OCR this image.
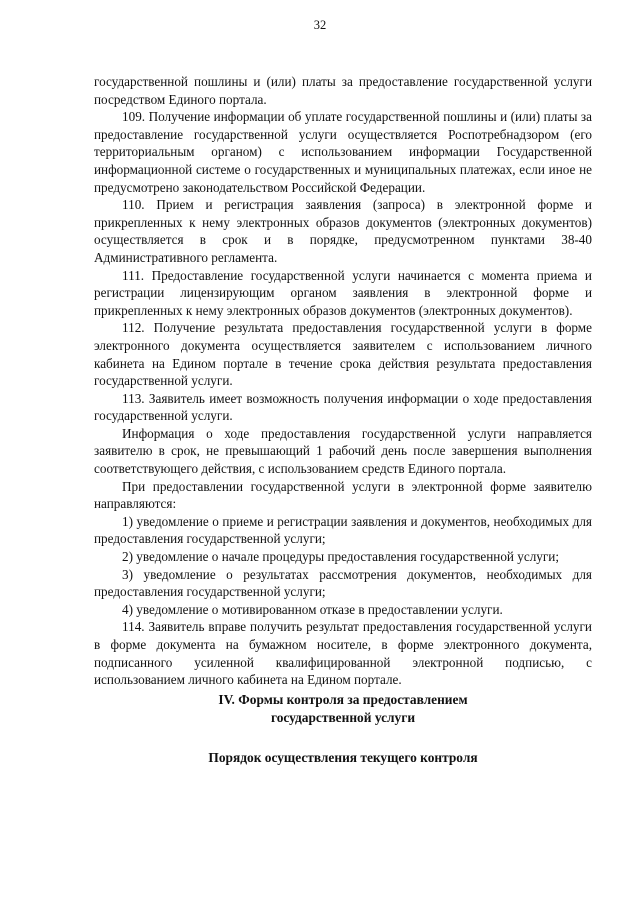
32

государственной пошлины и (или) платы за предоставление государственной услуги посредством Единого портала.

109. Получение информации об уплате государственной пошлины и (или) платы за предоставление государственной услуги осуществляется Роспотребнадзором (его территориальным органом) с использованием информации Государственной информационной системе о государственных и муниципальных платежах, если иное не предусмотрено законодательством Российской Федерации.

110. Прием и регистрация заявления (запроса) в электронной форме и прикрепленных к нему электронных образов документов (электронных документов) осуществляется в срок и в порядке, предусмотренном пунктами 38-40 Административного регламента.

111. Предоставление государственной услуги начинается с момента приема и регистрации лицензирующим органом заявления в электронной форме и прикрепленных к нему электронных образов документов (электронных документов).

112. Получение результата предоставления государственной услуги в форме электронного документа осуществляется заявителем с использованием личного кабинета на Едином портале в течение срока действия результата предоставления государственной услуги.

113. Заявитель имеет возможность получения информации о ходе предоставления государственной услуги.

Информация о ходе предоставления государственной услуги направляется заявителю в срок, не превышающий 1 рабочий день после завершения выполнения соответствующего действия, с использованием средств Единого портала.

При предоставлении государственной услуги в электронной форме заявителю направляются:

1) уведомление о приеме и регистрации заявления и документов, необходимых для предоставления государственной услуги;

2) уведомление о начале процедуры предоставления государственной услуги;

3) уведомление о результатах рассмотрения документов, необходимых для предоставления государственной услуги;

4) уведомление о мотивированном отказе в предоставлении услуги.

114. Заявитель вправе получить результат предоставления государственной услуги в форме документа на бумажном носителе, в форме электронного документа, подписанного усиленной квалифицированной электронной подписью, с использованием личного кабинета на Едином портале.

IV. Формы контроля за предоставлением
государственной услуги
Порядок осуществления текущего контроля
